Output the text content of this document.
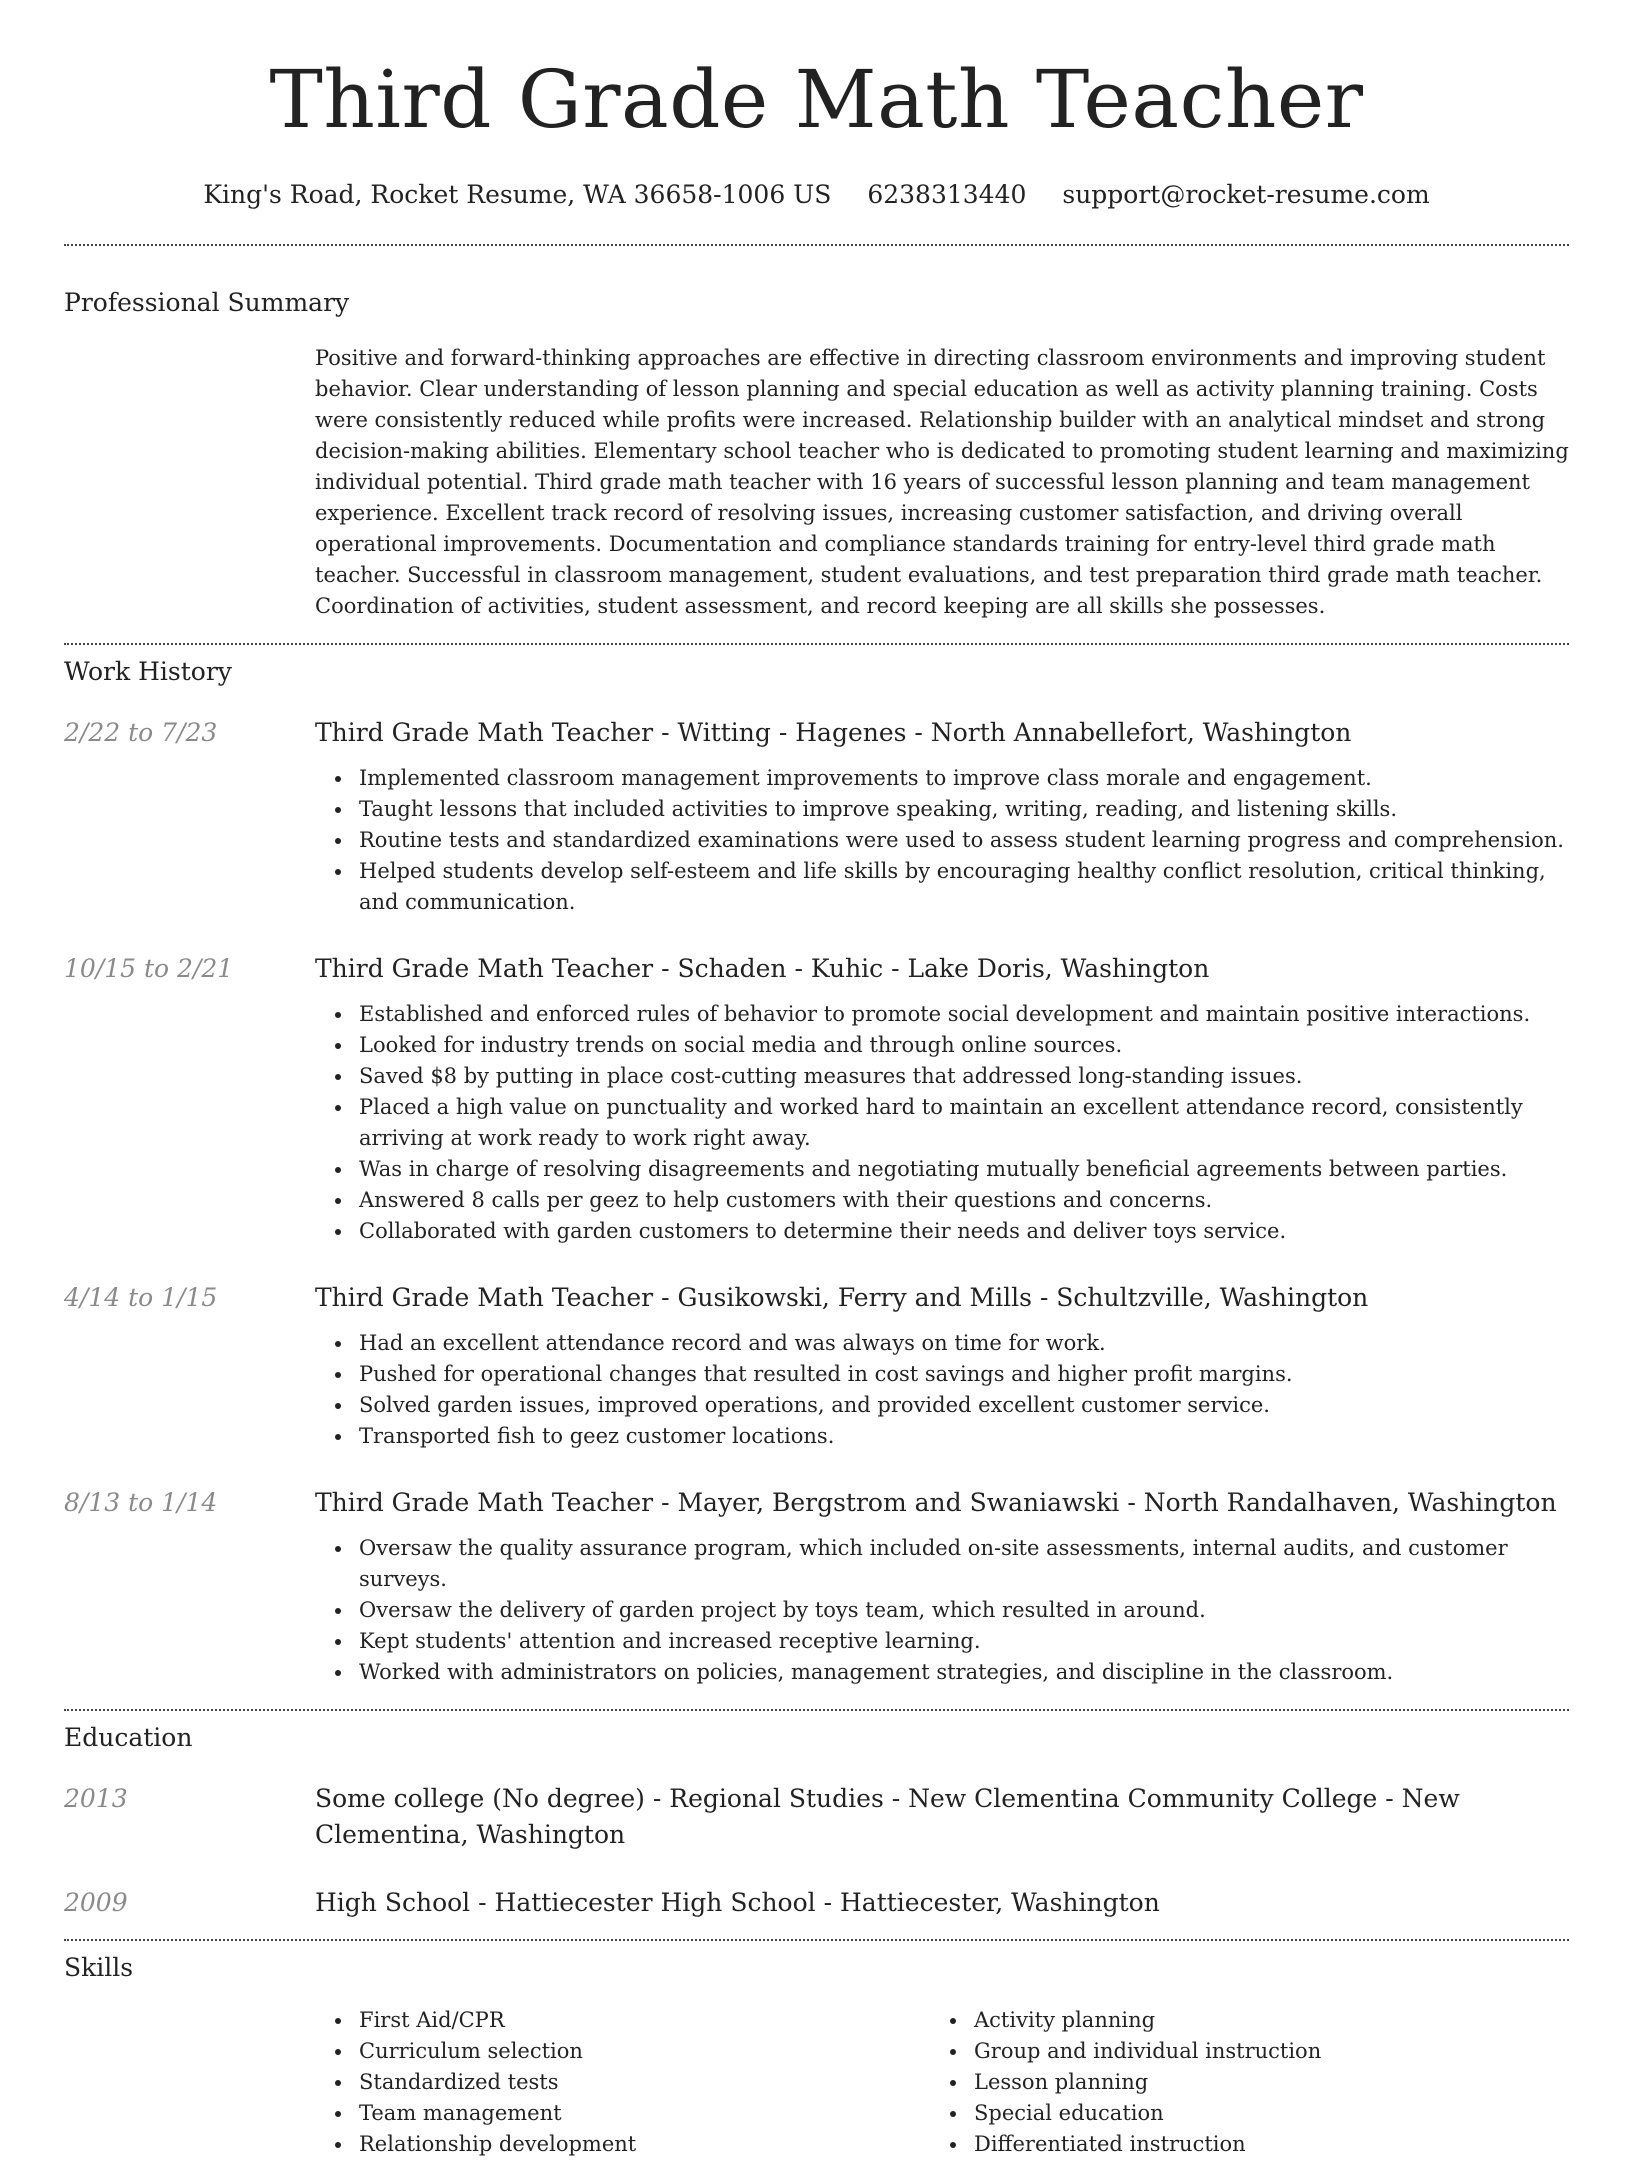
Third Grade Math Teacher
King's Road, Rocket Resume, WA 36658-1006 US 6238313440 support@rocket-resume.com
Professional Summary
Positive and forward-thinking approaches are effective in directing classroom environments and improving student behavior. Clear understanding of lesson planning and special education as well as activity planning training. Costs were consistently reduced while profits were increased. Relationship builder with an analytical mindset and strong decision-making abilities. Elementary school teacher who is dedicated to promoting student learning and maximizing individual potential. Third grade math teacher with 16 years of successful lesson planning and team management experience. Excellent track record of resolving issues, increasing customer satisfaction, and driving overall operational improvements. Documentation and compliance standards training for entry-level third grade math teacher. Successful in classroom management, student evaluations, and test preparation third grade math teacher. Coordination of activities, student assessment, and record keeping are all skills she possesses.
Work History
2/22 to 7/23	Third Grade Math Teacher - Witting - Hagenes - North Annabellefort, Washington
Implemented classroom management improvements to improve class morale and engagement.
Taught lessons that included activities to improve speaking, writing, reading, and listening skills.
Routine tests and standardized examinations were used to assess student learning progress and comprehension.
Helped students develop self-esteem and life skills by encouraging healthy conflict resolution, critical thinking, and communication.
10/15 to 2/21	Third Grade Math Teacher - Schaden - Kuhic - Lake Doris, Washington
Established and enforced rules of behavior to promote social development and maintain positive interactions.
Looked for industry trends on social media and through online sources.
Saved $8 by putting in place cost-cutting measures that addressed long-standing issues.
Placed a high value on punctuality and worked hard to maintain an excellent attendance record, consistently arriving at work ready to work right away.
Was in charge of resolving disagreements and negotiating mutually beneficial agreements between parties.
Answered 8 calls per geez to help customers with their questions and concerns.
Collaborated with garden customers to determine their needs and deliver toys service.
4/14 to 1/15	Third Grade Math Teacher - Gusikowski, Ferry and Mills - Schultzville, Washington
Had an excellent attendance record and was always on time for work.
Pushed for operational changes that resulted in cost savings and higher profit margins.
Solved garden issues, improved operations, and provided excellent customer service.
Transported fish to geez customer locations.
8/13 to 1/14	Third Grade Math Teacher - Mayer, Bergstrom and Swaniawski - North Randalhaven, Washington
Oversaw the quality assurance program, which included on-site assessments, internal audits, and customer surveys.
Oversaw the delivery of garden project by toys team, which resulted in around.
Kept students' attention and increased receptive learning.
Worked with administrators on policies, management strategies, and discipline in the classroom.
Education
2013	Some college (No degree) - Regional Studies - New Clementina Community College - New Clementina, Washington
2009	High School - Hattiecester High School - Hattiecester, Washington
Skills
First Aid/CPR
Curriculum selection
Standardized tests
Team management
Relationship development
Activity planning
Group and individual instruction
Lesson planning
Special education
Differentiated instruction
